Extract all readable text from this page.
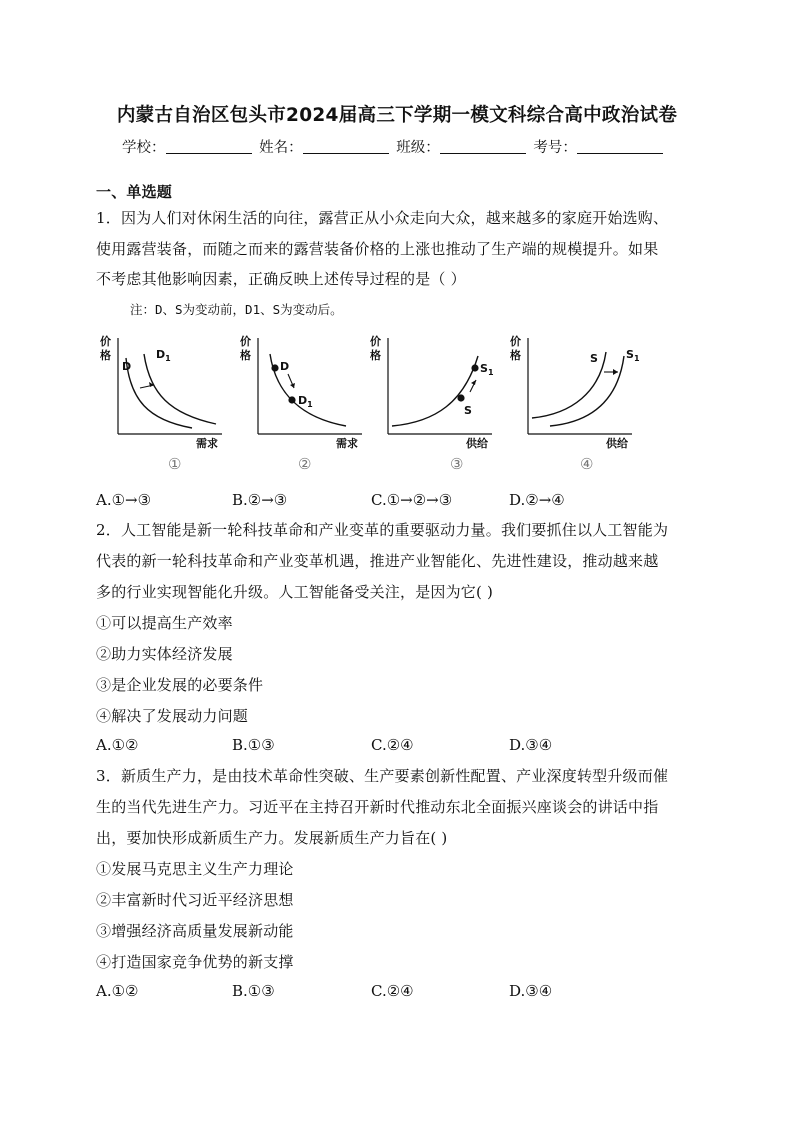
内蒙古自治区包头市2024届高三下学期一模文科综合高中政治试卷
学校：	姓名：	班级：	考号：
一、单选题
1．因为人们对休闲生活的向往，露营正从小众走向大众，越来越多的家庭开始选购、
使用露营装备，而随之而来的露营装备价格的上涨也推动了生产端的规模提升。如果
不考虑其他影响因素，正确反映上述传导过程的是（ ）
注：D、S为变动前，D1、S为变动后。
价
格
D
$D_1$
需求
①
价
格
D
$D_1$
需求
②
价
格
S
$S_1$
供给
③
价
格	S	$S_1$
供给
④
A.①→③	B.②→③	C.①→②→③	D.②→④
2．人工智能是新一轮科技革命和产业变革的重要驱动力量。我们要抓住以人工智能为
代表的新一轮科技革命和产业变革机遇，推进产业智能化、先进性建设，推动越来越
多的行业实现智能化升级。人工智能备受关注，是因为它( )
①可以提高生产效率
②助力实体经济发展
③是企业发展的必要条件
④解决了发展动力问题
A.①②	B.①③	C.②④	D.③④
3．新质生产力，是由技术革命性突破、生产要素创新性配置、产业深度转型升级而催
生的当代先进生产力。习近平在主持召开新时代推动东北全面振兴座谈会的讲话中指
出，要加快形成新质生产力。发展新质生产力旨在( )
①发展马克思主义生产力理论
②丰富新时代习近平经济思想
③增强经济高质量发展新动能
④打造国家竞争优势的新支撑
A.①②	B.①③	C.②④	D.③④
